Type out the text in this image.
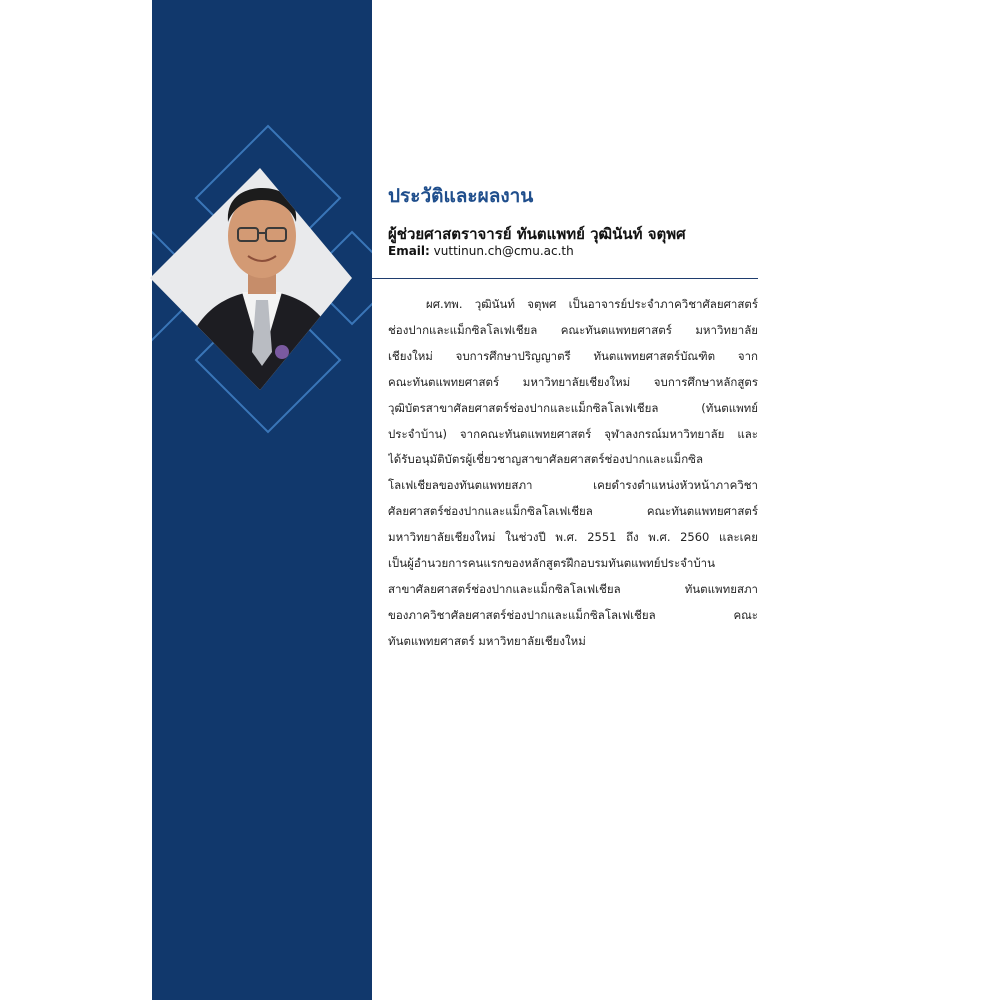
ประวัติและผลงาน

ผู้ช่วยศาสตราจารย์ ทันตแพทย์ วุฒินันท์ จตุพศ

Email: vuttinun.ch@cmu.ac.th

ผศ.ทพ. วุฒินันท์ จตุพศ เป็นอาจารย์ประจำภาควิชาศัลยศาสตร์
ช่องปากและแม็กซิลโลเฟเชียล คณะทันตแพทยศาสตร์ มหาวิทยาลัย
เชียงใหม่ จบการศึกษาปริญญาตรี ทันตแพทยศาสตร์บัณฑิต จาก
คณะทันตแพทยศาสตร์ มหาวิทยาลัยเชียงใหม่ จบการศึกษาหลักสูตร
วุฒิบัตรสาขาศัลยศาสตร์ช่องปากและแม็กซิลโลเฟเชียล (ทันตแพทย์
ประจำบ้าน) จากคณะทันตแพทยศาสตร์ จุฬาลงกรณ์มหาวิทยาลัย และ
ได้รับอนุมัติบัตรผู้เชี่ยวชาญสาขาศัลยศาสตร์ช่องปากและแม็กซิล
โลเฟเชียลของทันตแพทยสภา เคยดำรงตำแหน่งหัวหน้าภาควิชา
ศัลยศาสตร์ช่องปากและแม็กซิลโลเฟเชียล คณะทันตแพทยศาสตร์
มหาวิทยาลัยเชียงใหม่ ในช่วงปี พ.ศ. 2551 ถึง พ.ศ. 2560 และเคย
เป็นผู้อำนวยการคนแรกของหลักสูตรฝึกอบรมทันตแพทย์ประจำบ้าน
สาขาศัลยศาสตร์ช่องปากและแม็กซิลโลเฟเชียล ทันตแพทยสภา
ของภาควิชาศัลยศาสตร์ช่องปากและแม็กซิลโลเฟเชียล คณะ
ทันตแพทยศาสตร์ มหาวิทยาลัยเชียงใหม่
